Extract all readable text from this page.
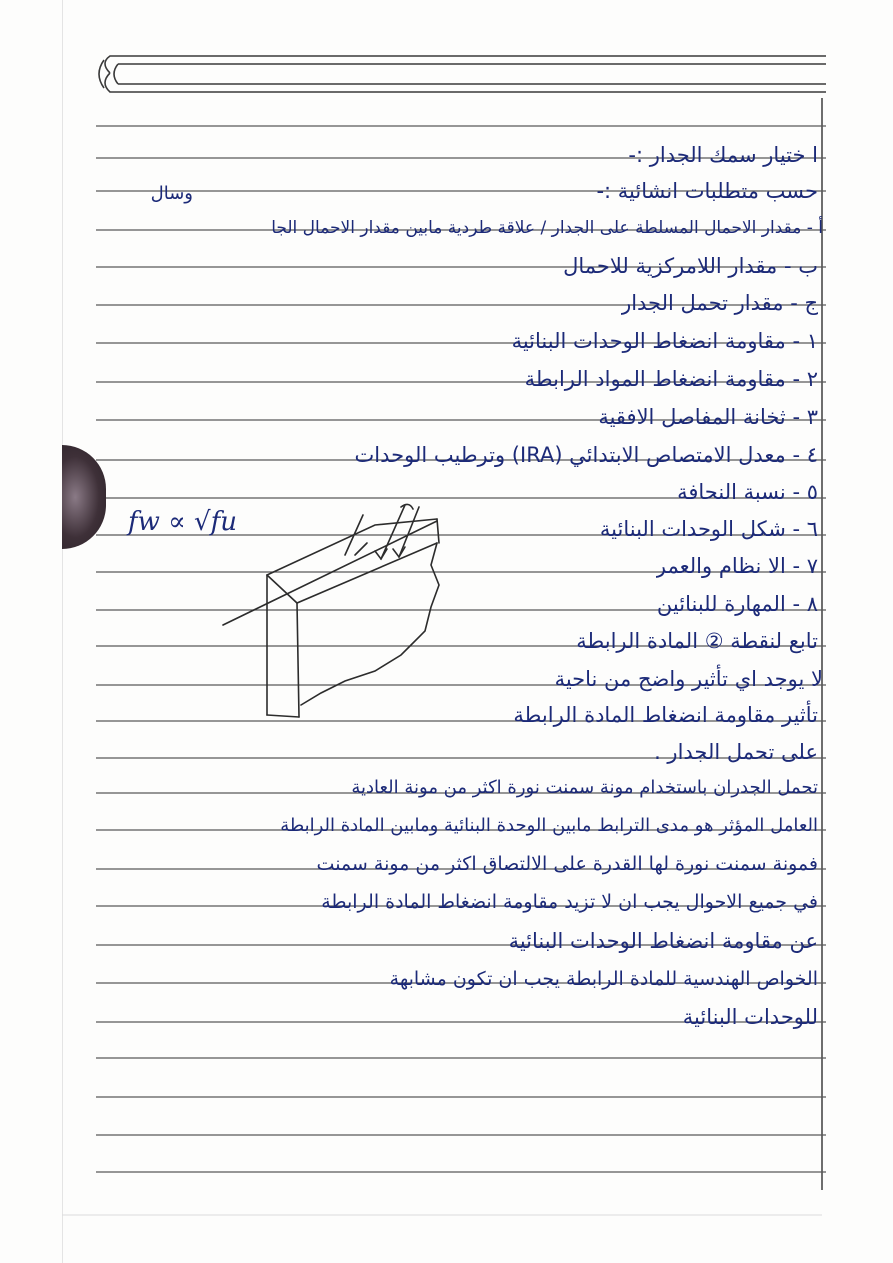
وسال
ا ختيار سمك الجدار :-
حسب متطلبات انشائية :-
أ - مقدار الاحمال المسلطة على الجدار / علاقة طردية مابين مقدار الاحمال الجا
ب - مقدار اللامركزية للاحمال
ج - مقدار تحمل الجدار
١ - مقاومة انضغاط الوحدات البنائية
٢ - مقاومة انضغاط المواد الرابطة
٣ - ثخانة المفاصل الافقية
٤ - معدل الامتصاص الابتدائي (IRA) وترطيب الوحدات
٥ - نسبة النحافة
٦ - شكل الوحدات البنائية
٧ - الا نظام والعمر
٨ - المهارة للبنائين
تابع لنقطة ② المادة الرابطة
لا يوجد اي تأثير واضح من ناحية
تأثير مقاومة انضغاط المادة الرابطة
على تحمل الجدار .
تحمل الجدران باستخدام مونة سمنت نورة اكثر من مونة العادية
العامل المؤثر هو مدى الترابط مابين الوحدة البنائية ومابين المادة الرابطة
فمونة سمنت نورة لها القدرة على الالتصاق اكثر من مونة سمنت
في جميع الاحوال يجب ان لا تزيد مقاومة انضغاط المادة الرابطة
عن مقاومة انضغاط الوحدات البنائية
الخواص الهندسية للمادة الرابطة يجب ان تكون مشابهة
للوحدات البنائية
fw ∝ √fu
